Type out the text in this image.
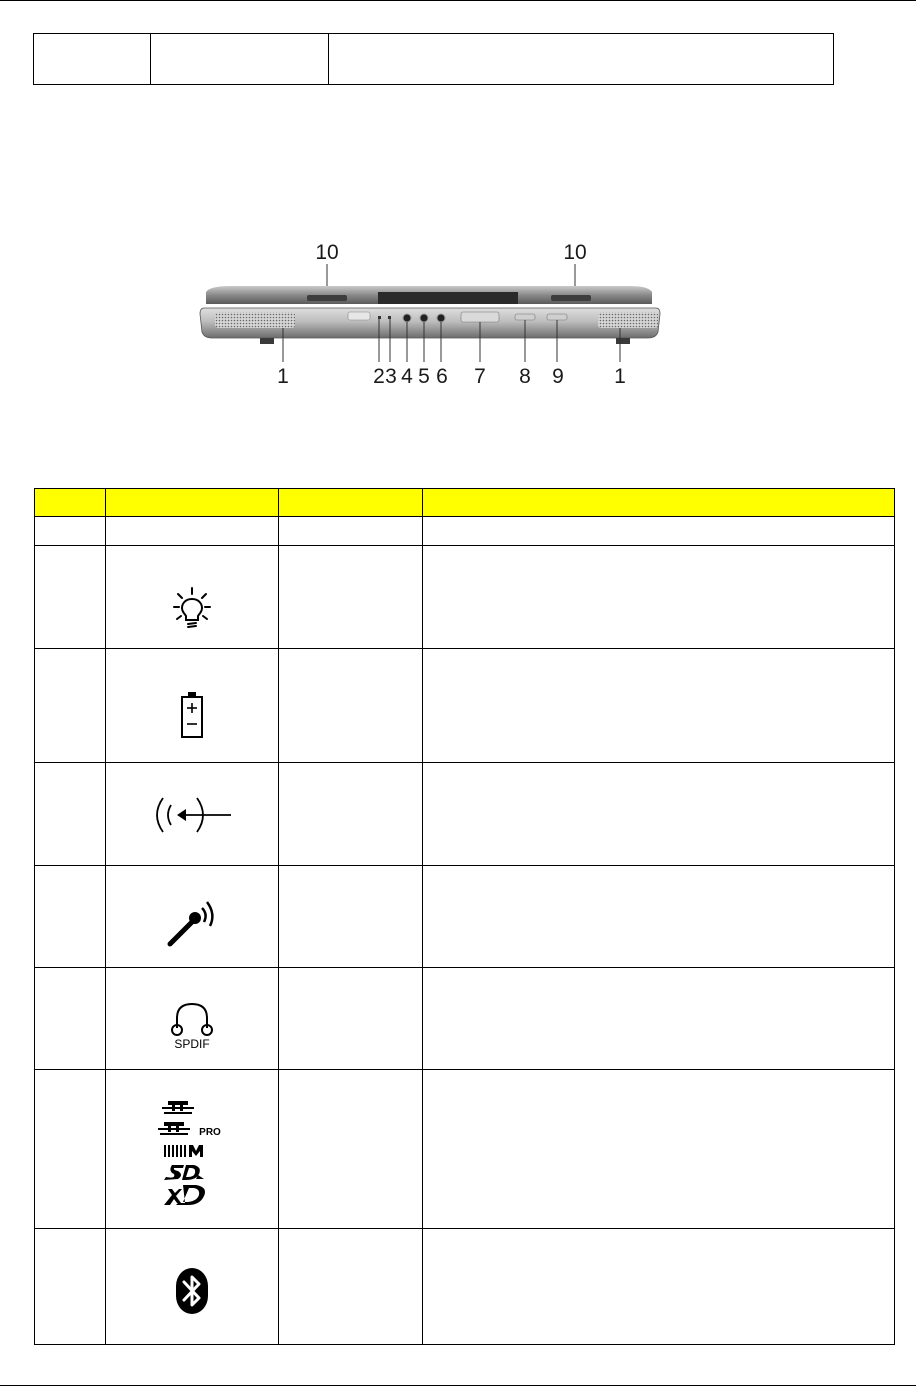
10	10
1	2 3 4 5 6 7 8 9 1

SPDIF		

PRO		
